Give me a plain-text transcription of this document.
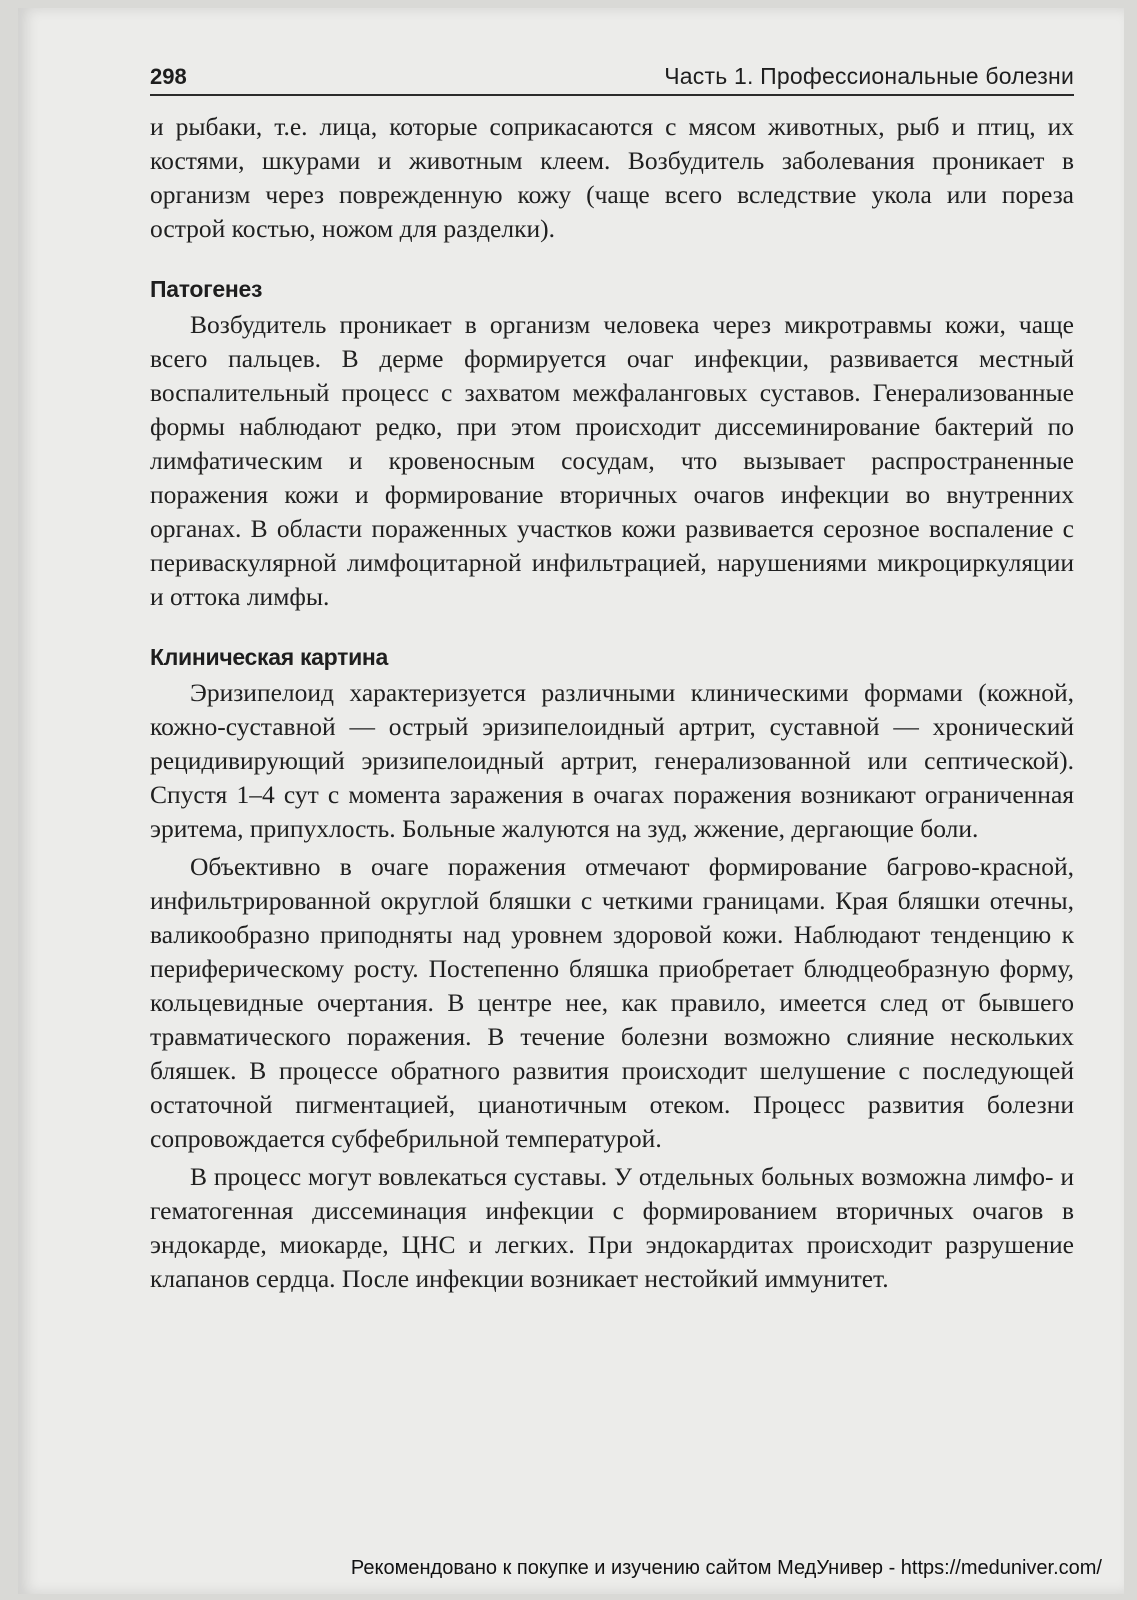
298	Часть 1. Профессиональные болезни

и рыбаки, т.е. лица, которые соприкасаются с мясом животных, рыб и птиц, их костями, шкурами и животным клеем. Возбудитель заболевания проникает в организм через поврежденную кожу (чаще всего вследствие укола или пореза острой костью, ножом для разделки).

Патогенез

Возбудитель проникает в организм человека через микротравмы кожи, чаще всего пальцев. В дерме формируется очаг инфекции, развивается местный воспалительный процесс с захватом межфаланговых суставов. Генерализованные формы наблюдают редко, при этом происходит диссеминирование бактерий по лимфатическим и кровеносным сосудам, что вызывает распространенные поражения кожи и формирование вторичных очагов инфекции во внутренних органах. В области пораженных участков кожи развивается серозное воспаление с периваскулярной лимфоцитарной инфильтрацией, нарушениями микроциркуляции и оттока лимфы.

Клиническая картина

Эризипелоид характеризуется различными клиническими формами (кожной, кожно-суставной — острый эризипелоидный артрит, суставной — хронический рецидивирующий эризипелоидный артрит, генерализованной или септической). Спустя 1–4 сут с момента заражения в очагах поражения возникают ограниченная эритема, припухлость. Больные жалуются на зуд, жжение, дергающие боли.

Объективно в очаге поражения отмечают формирование багрово-красной, инфильтрированной округлой бляшки с четкими границами. Края бляшки отечны, валикообразно приподняты над уровнем здоровой кожи. Наблюдают тенденцию к периферическому росту. Постепенно бляшка приобретает блюдцеобразную форму, кольцевидные очертания. В центре нее, как правило, имеется след от бывшего травматического поражения. В течение болезни возможно слияние нескольких бляшек. В процессе обратного развития происходит шелушение с последующей остаточной пигментацией, цианотичным отеком. Процесс развития болезни сопровождается субфебрильной температурой.

В процесс могут вовлекаться суставы. У отдельных больных возможна лимфо- и гематогенная диссеминация инфекции с формированием вторичных очагов в эндокарде, миокарде, ЦНС и легких. При эндокардитах происходит разрушение клапанов сердца. После инфекции возникает нестойкий иммунитет.

Рекомендовано к покупке и изучению сайтом МедУнивер - https://meduniver.com/
